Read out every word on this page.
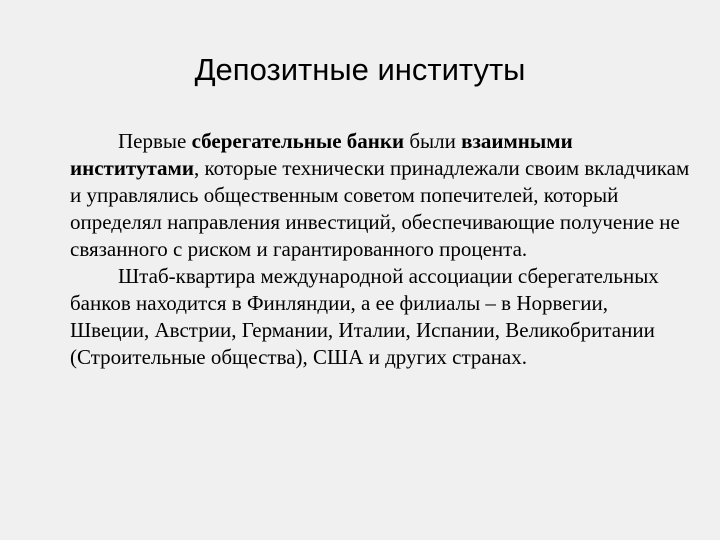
Депозитные институты

Первые сберегательные банки были взаимными институтами, которые технически принадлежали своим вкладчикам и управлялись общественным советом попечителей, который определял направления инвестиций, обеспечивающие получение не связанного с риском и гарантированного процента.

Штаб-квартира международной ассоциации сберегательных банков находится в Финляндии, а ее филиалы – в Норвегии, Швеции, Австрии, Германии, Италии, Испании, Великобритании (Строительные общества), США и других странах.
